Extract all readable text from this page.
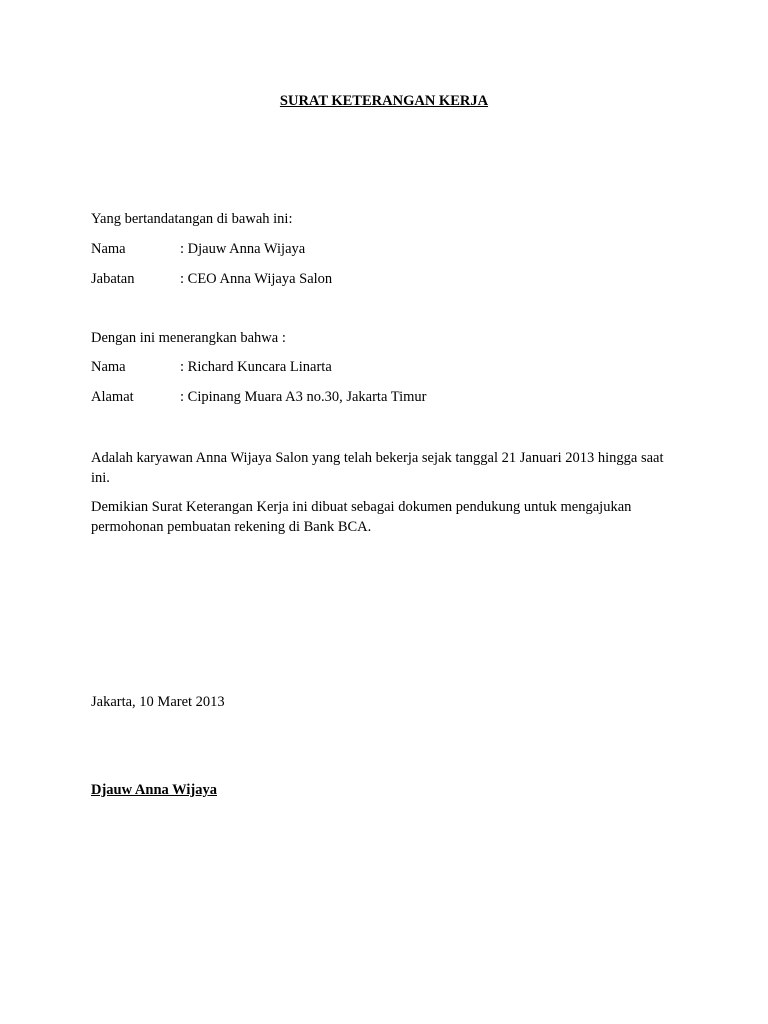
SURAT KETERANGAN KERJA
Yang bertandatangan di bawah ini:
Nama	: Djauw Anna Wijaya
Jabatan	: CEO Anna Wijaya Salon
Dengan ini menerangkan bahwa :
Nama	: Richard Kuncara Linarta
Alamat	: Cipinang Muara A3 no.30, Jakarta Timur
Adalah karyawan Anna Wijaya Salon yang telah bekerja sejak tanggal 21 Januari 2013 hingga saat ini.
Demikian Surat Keterangan Kerja ini dibuat sebagai dokumen pendukung untuk mengajukan permohonan pembuatan rekening di Bank BCA.
Jakarta, 10 Maret 2013
Djauw Anna Wijaya
